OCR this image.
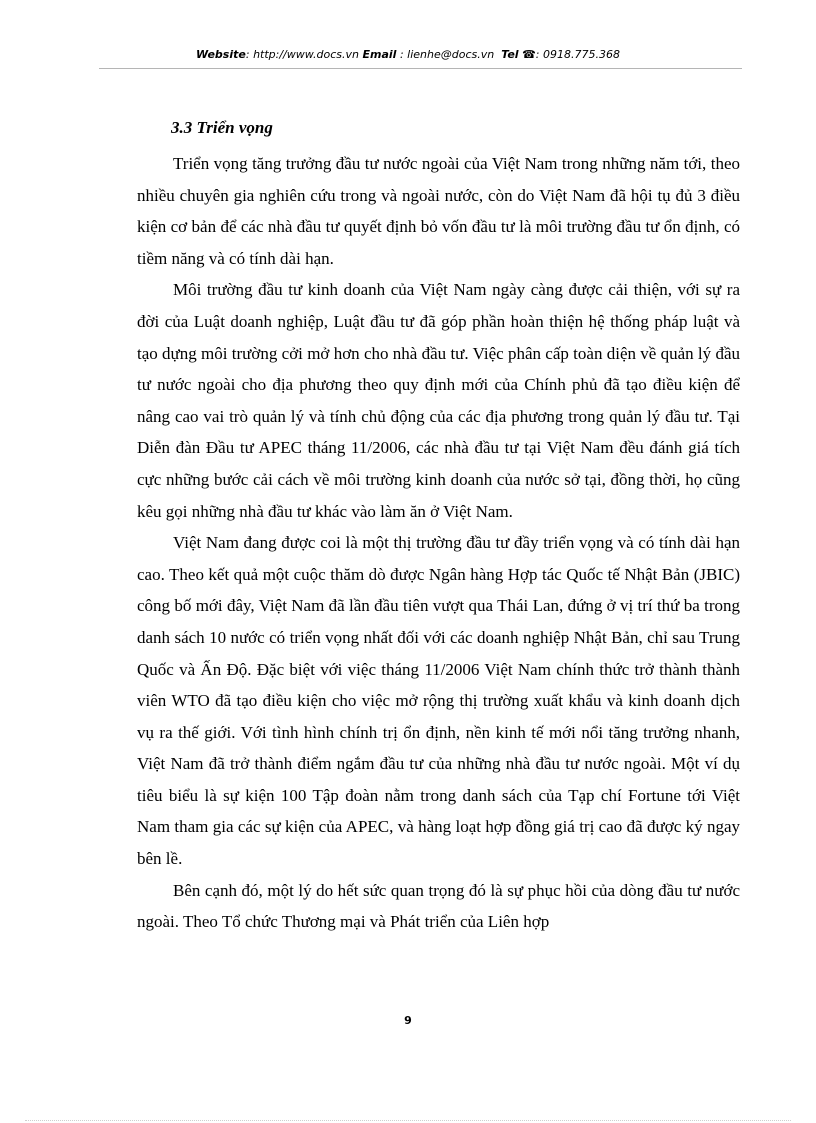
Website: http://www.docs.vn Email : lienhe@docs.vn Tel ☎: 0918.775.368
3.3 Triển vọng

Triển vọng tăng trưởng đầu tư nước ngoài của Việt Nam trong những năm tới, theo nhiều chuyên gia nghiên cứu trong và ngoài nước, còn do Việt Nam đã hội tụ đủ 3 điều kiện cơ bản để các nhà đầu tư quyết định bỏ vốn đầu tư là môi trường đầu tư ổn định, có tiềm năng và có tính dài hạn.

Môi trường đầu tư kinh doanh của Việt Nam ngày càng được cải thiện, với sự ra đời của Luật doanh nghiệp, Luật đầu tư đã góp phần hoàn thiện hệ thống pháp luật và tạo dựng môi trường cởi mở hơn cho nhà đầu tư. Việc phân cấp toàn diện về quản lý đầu tư nước ngoài cho địa phương theo quy định mới của Chính phủ đã tạo điều kiện để nâng cao vai trò quản lý và tính chủ động của các địa phương trong quản lý đầu tư. Tại Diễn đàn Đầu tư APEC tháng 11/2006, các nhà đầu tư tại Việt Nam đều đánh giá tích cực những bước cải cách về môi trường kinh doanh của nước sở tại, đồng thời, họ cũng kêu gọi những nhà đầu tư khác vào làm ăn ở Việt Nam.

Việt Nam đang được coi là một thị trường đầu tư đầy triển vọng và có tính dài hạn cao. Theo kết quả một cuộc thăm dò được Ngân hàng Hợp tác Quốc tế Nhật Bản (JBIC) công bố mới đây, Việt Nam đã lần đầu tiên vượt qua Thái Lan, đứng ở vị trí thứ ba trong danh sách 10 nước có triển vọng nhất đối với các doanh nghiệp Nhật Bản, chỉ sau Trung Quốc và Ấn Độ. Đặc biệt với việc tháng 11/2006 Việt Nam chính thức trở thành thành viên WTO đã tạo điều kiện cho việc mở rộng thị trường xuất khẩu và kinh doanh dịch vụ ra thế giới. Với tình hình chính trị ổn định, nền kinh tế mới nổi tăng trưởng nhanh, Việt Nam đã trở thành điểm ngắm đầu tư của những nhà đầu tư nước ngoài. Một ví dụ tiêu biểu là sự kiện 100 Tập đoàn nằm trong danh sách của Tạp chí Fortune tới Việt Nam tham gia các sự kiện của APEC, và hàng loạt hợp đồng giá trị cao đã được ký ngay bên lề.

Bên cạnh đó, một lý do hết sức quan trọng đó là sự phục hồi của dòng đầu tư nước ngoài. Theo Tổ chức Thương mại và Phát triển của Liên hợp

9
